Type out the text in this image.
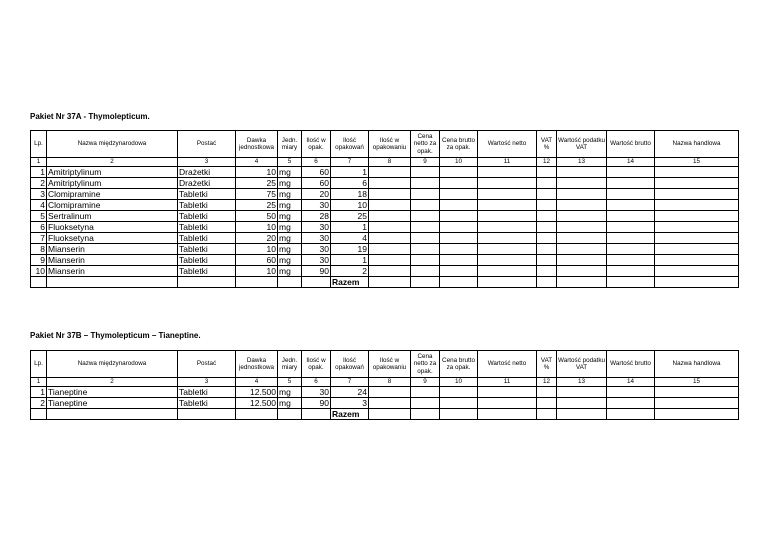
Pakiet Nr 37A - Thymolepticum.
Lp.	Nazwa międzynarodowa	Postać	Dawka jednostkowa	Jedn. miary	Ilość w opak.	Ilość opakowań	Ilość w opakowaniu	Cena netto za opak.	Cena brutto za opak.	Wartość netto	VAT %	Wartość podatku VAT	Wartość brutto	Nazwa handlowa
1	2	3	4	5	6	7	8	9	10	11	12	13	14	15
1	Amitriptylinum	Drażetki	10	mg	60	1								
2	Amitriptylinum	Drażetki	25	mg	60	6								
3	Clomipramine	Tabletki	75	mg	20	18								
4	Clomipramine	Tabletki	25	mg	30	10								
5	Sertralinum	Tabletki	50	mg	28	25								
6	Fluoksetyna	Tabletki	10	mg	30	1								
7	Fluoksetyna	Tabletki	20	mg	30	4								
8	Mianserin	Tabletki	10	mg	30	19								
9	Mianserin	Tabletki	60	mg	30	1								
10	Mianserin	Tabletki	10	mg	90	2								
						Razem								
Pakiet Nr 37B – Thymolepticum – Tianeptine.
Lp.	Nazwa międzynarodowa	Postać	Dawka jednostkowa	Jedn. miary	Ilość w opak.	Ilość opakowań	Ilość w opakowaniu	Cena netto za opak.	Cena brutto za opak.	Wartość netto	VAT %	Wartość podatku VAT	Wartość brutto	Nazwa handlowa
1	2	3	4	5	6	7	8	9	10	11	12	13	14	15
1	Tianeptine	Tabletki	12.500	mg	30	24								
2	Tianeptine	Tabletki	12.500	mg	90	3								
						Razem								
